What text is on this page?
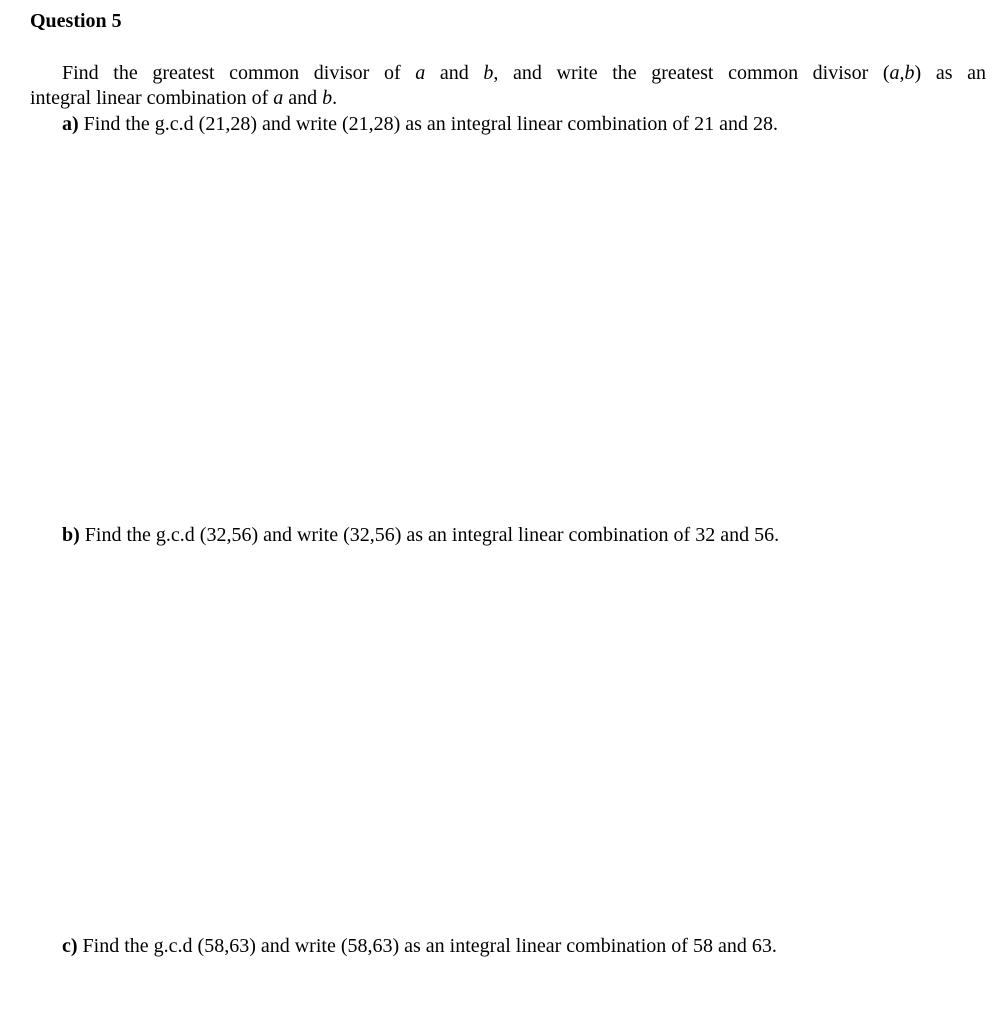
Question 5
Find the greatest common divisor of a and b, and write the greatest common divisor (a,b) as an
integral linear combination of a and b.
a) Find the g.c.d (21,28) and write (21,28) as an integral linear combination of 21 and 28.
b) Find the g.c.d (32,56) and write (32,56) as an integral linear combination of 32 and 56.
c) Find the g.c.d (58,63) and write (58,63) as an integral linear combination of 58 and 63.
